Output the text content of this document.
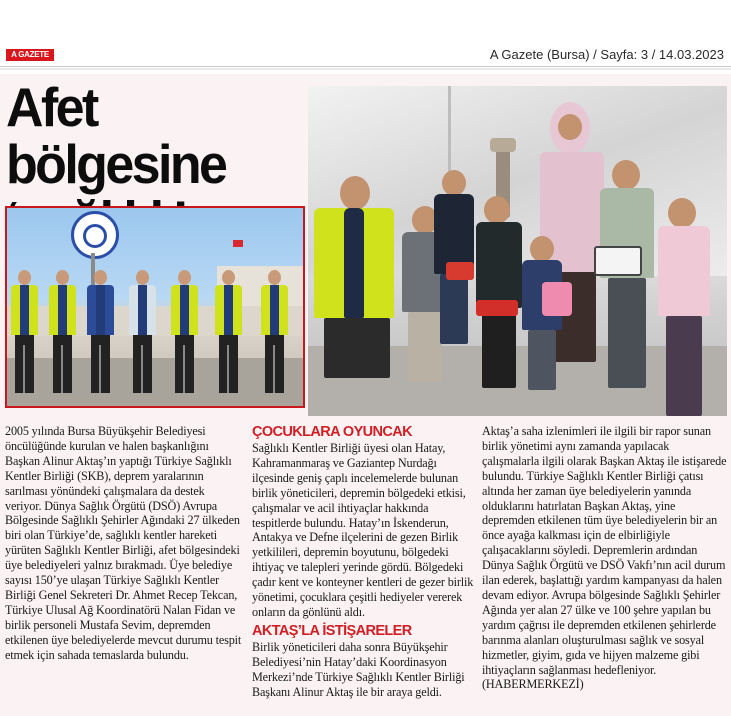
A GAZETE	A Gazete (Bursa) / Sayfa: 3 / 14.03.2023
Afet bölgesine

2005 yılında Bursa Büyükşehir Belediyesi öncülüğünde kurulan ve halen başkanlığını Başkan Alinur Aktaş’ın yaptığı Türkiye Sağlıklı Kentler Birliği (SKB), deprem yaralarının sarılması yönündeki çalışmalara da destek veriyor. Dünya Sağlık Örgütü (DSÖ) Avrupa Bölgesinde Sağlıklı Şehirler Ağındaki 27 ülkeden biri olan Türkiye’de, sağlıklı kentler hareketi yürüten Sağlıklı Kentler Birliği, afet bölgesindeki üye belediyeleri yalnız bırakmadı. Üye belediye sayısı 150’ye ulaşan Türkiye Sağlıklı Kentler Birliği Genel Sekreteri Dr. Ahmet Recep Tekcan, Türkiye Ulusal Ağ Koordinatörü Nalan Fidan ve birlik personeli Mustafa Sevim, depremden etkilenen üye belediyelerde mevcut durumu tespit etmek için sahada temaslarda bulundu.

ÇOCUKLARA OYUNCAK

Sağlıklı Kentler Birliği üyesi olan Hatay, Kahramanmaraş ve Gaziantep Nurdağı ilçesinde geniş çaplı incelemelerde bulunan birlik yöneticileri, depremin bölgedeki etkisi, çalışmalar ve acil ihtiyaçlar hakkında tespitlerde bulundu. Hatay’ın İskenderun, Antakya ve Defne ilçelerini de gezen Birlik yetkilileri, depremin boyutunu, bölgedeki ihtiyaç ve talepleri yerinde gördü. Bölgedeki çadır kent ve konteyner kentleri de gezer birlik yönetimi, çocuklara çeşitli hediyeler vererek onların da gönlünü aldı.

AKTAŞ’LA İSTİŞARELER

Birlik yöneticileri daha sonra Büyükşehir Belediyesi’nin Hatay’daki Koordinasyon Merkezi’nde Türkiye Sağlıklı Kentler Birliği Başkanı Alinur Aktaş ile bir araya geldi.

Aktaş’a saha izlenimleri ile ilgili bir rapor sunan birlik yönetimi aynı zamanda yapılacak çalışmalarla ilgili olarak Başkan Aktaş ile istişarede bulundu. Türkiye Sağlıklı Kentler Birliği çatısı altında her zaman üye belediyelerin yanında olduklarını hatırlatan Başkan Aktaş, yine depremden etkilenen tüm üye belediyelerin bir an önce ayağa kalkması için de elbirliğiyle çalışacaklarını söyledi. Depremlerin ardından Dünya Sağlık Örgütü ve DSÖ Vakfı’nın acil durum ilan ederek, başlattığı yardım kampanyası da halen devam ediyor. Avrupa bölgesinde Sağlıklı Şehirler Ağında yer alan 27 ülke ve 100 şehre yapılan bu yardım çağrısı ile depremden etkilenen şehirlerde barınma alanları oluşturulması sağlık ve sosyal hizmetler, giyim, gıda ve hijyen malzeme gibi ihtiyaçların sağlanması hedefleniyor. (HABERMERKEZİ)
